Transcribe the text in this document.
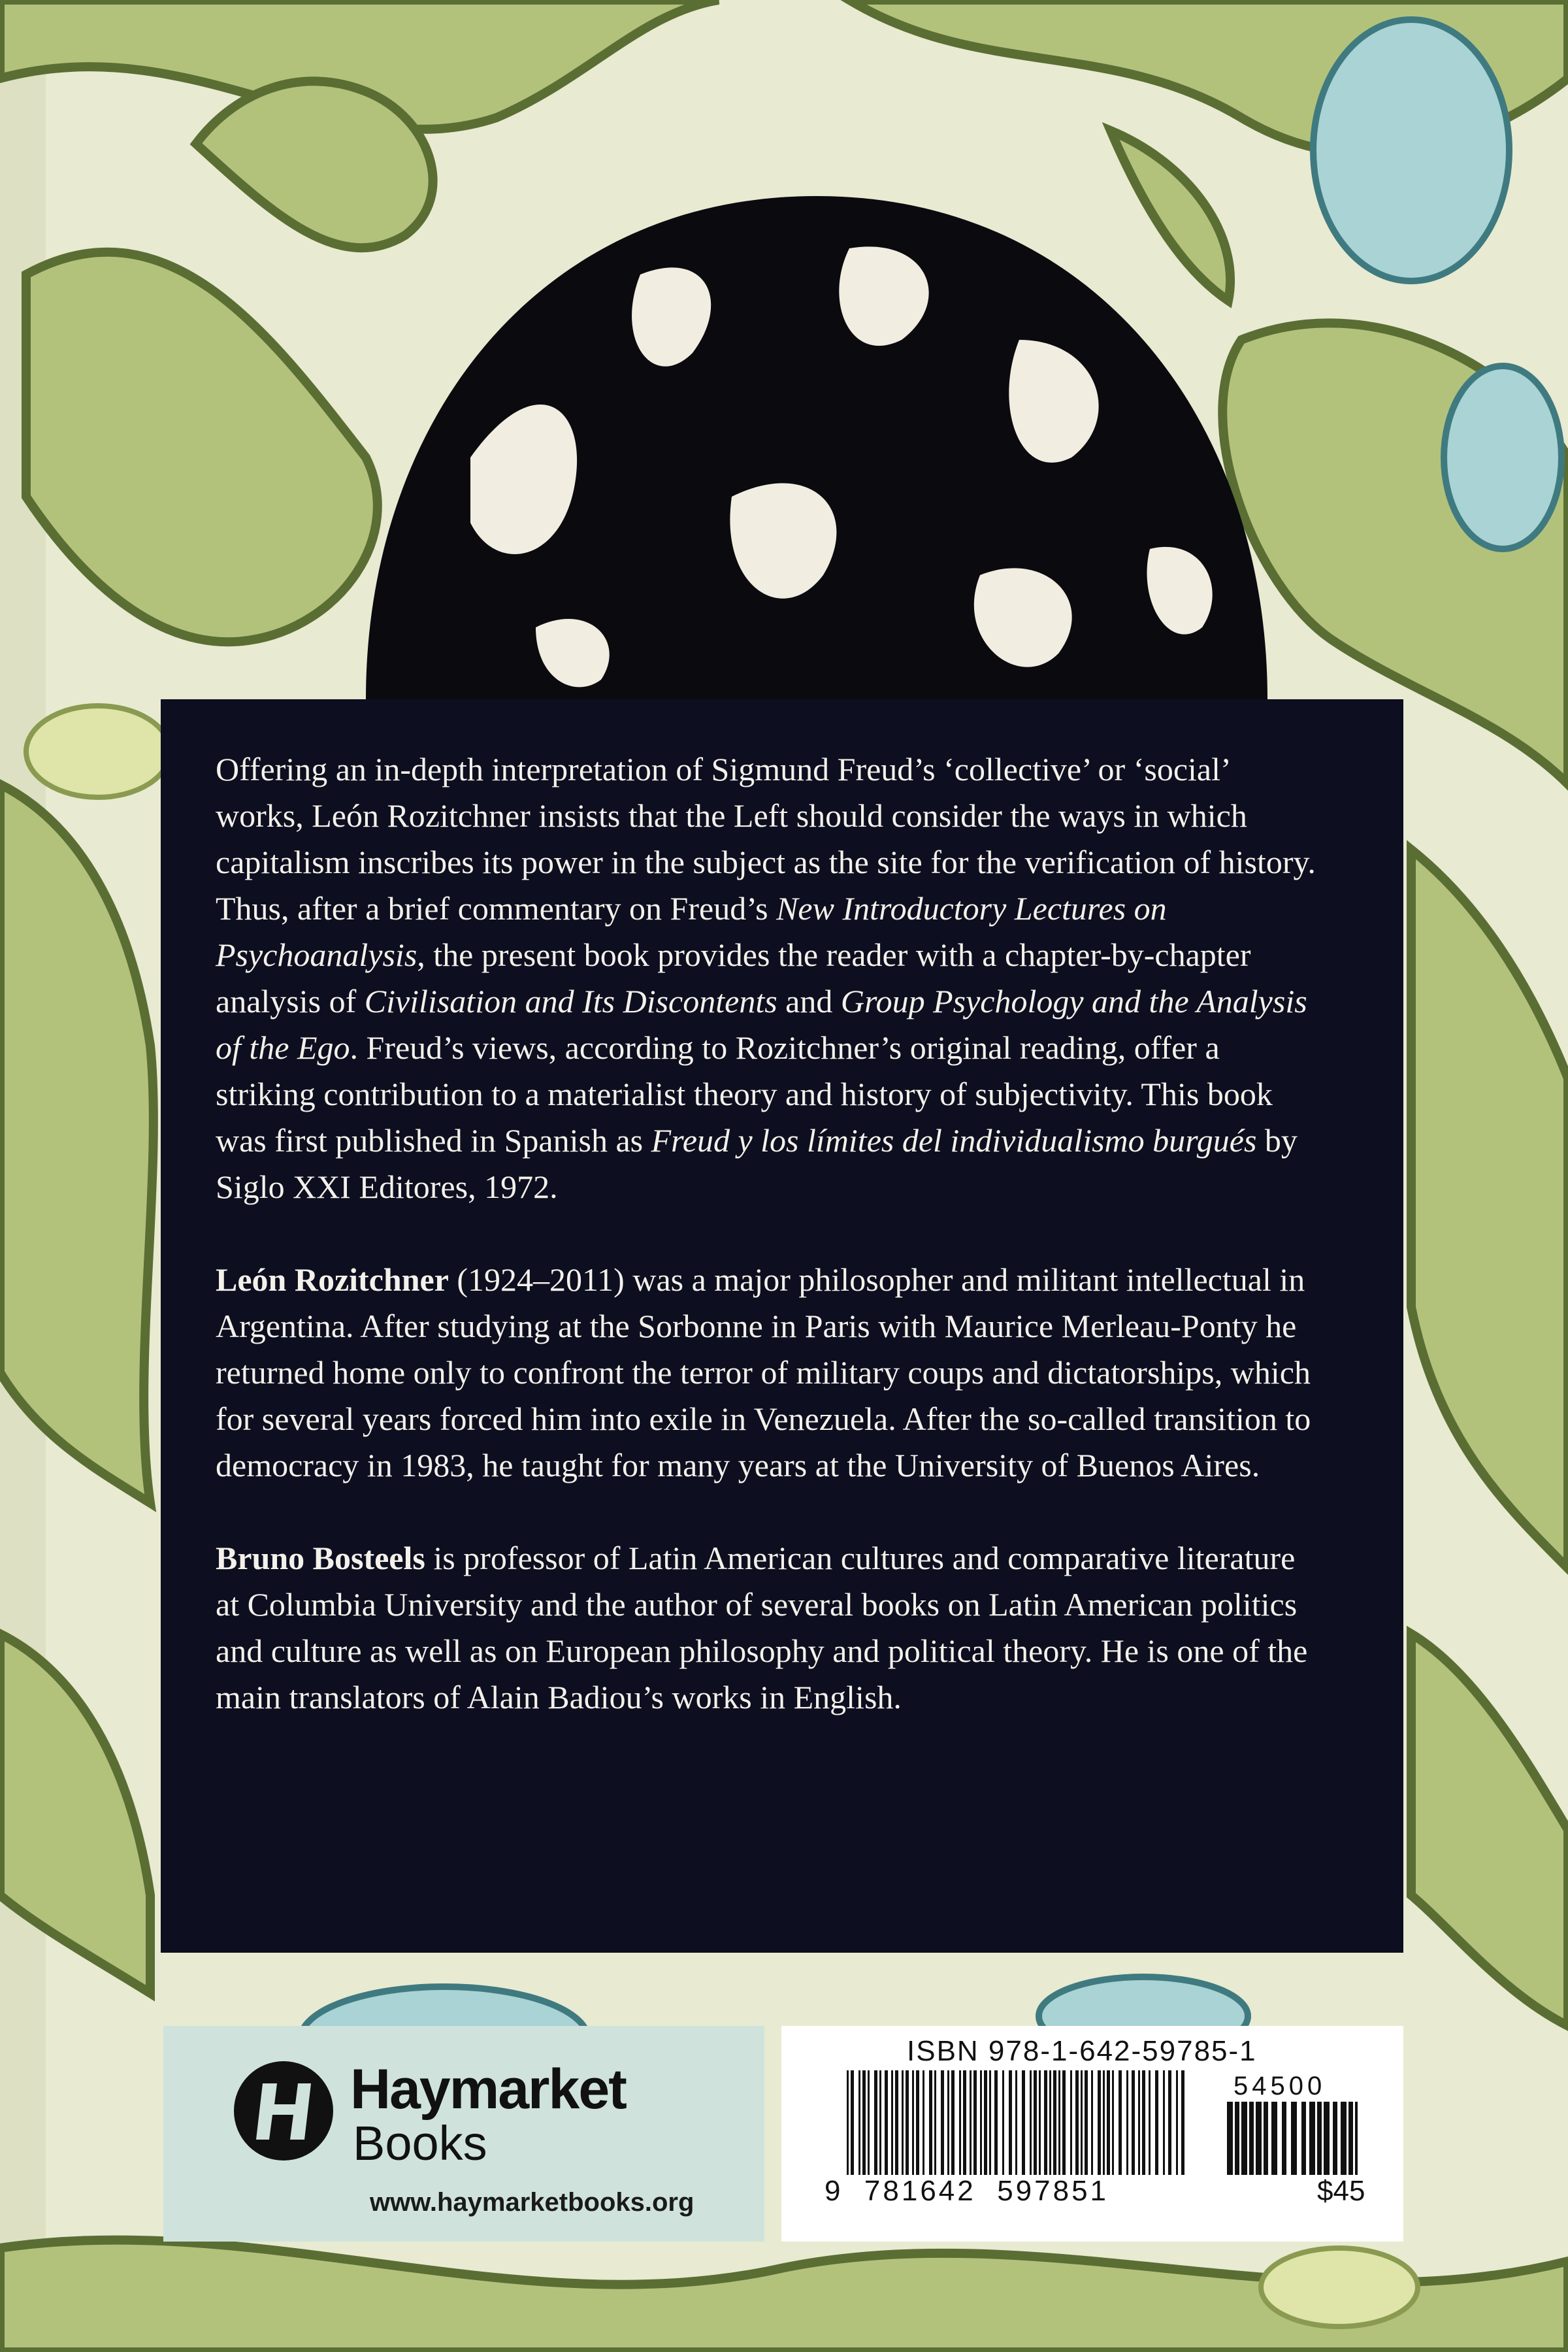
Offering an in-depth interpretation of Sigmund Freud’s ‘collective’ or ‘social’ works, León Rozitchner insists that the Left should consider the ways in which capitalism inscribes its power in the subject as the site for the verification of history. Thus, after a brief commentary on Freud’s New Introductory Lectures on Psychoanalysis, the present book provides the reader with a chapter-by-chapter analysis of Civilisation and Its Discontents and Group Psychology and the Analysis of the Ego. Freud’s views, according to Rozitchner’s original reading, offer a striking contribution to a materialist theory and history of subjectivity. This book was first published in Spanish as Freud y los límites del individualismo burgués by Siglo XXI Editores, 1972.

León Rozitchner (1924–2011) was a major philosopher and militant intellectual in Argentina. After studying at the Sorbonne in Paris with Maurice Merleau-Ponty he returned home only to confront the terror of military coups and dictatorships, which for several years forced him into exile in Venezuela. After the so-called transition to democracy in 1983, he taught for many years at the University of Buenos Aires.

Bruno Bosteels is professor of Latin American cultures and comparative literature at Columbia University and the author of several books on Latin American politics and culture as well as on European philosophy and political theory. He is one of the main translators of Alain Badiou’s works in English.

Haymarket
Books
www.haymarketbooks.org
ISBN 978-1-642-59785-1
54500
9  781642  597851	$45
